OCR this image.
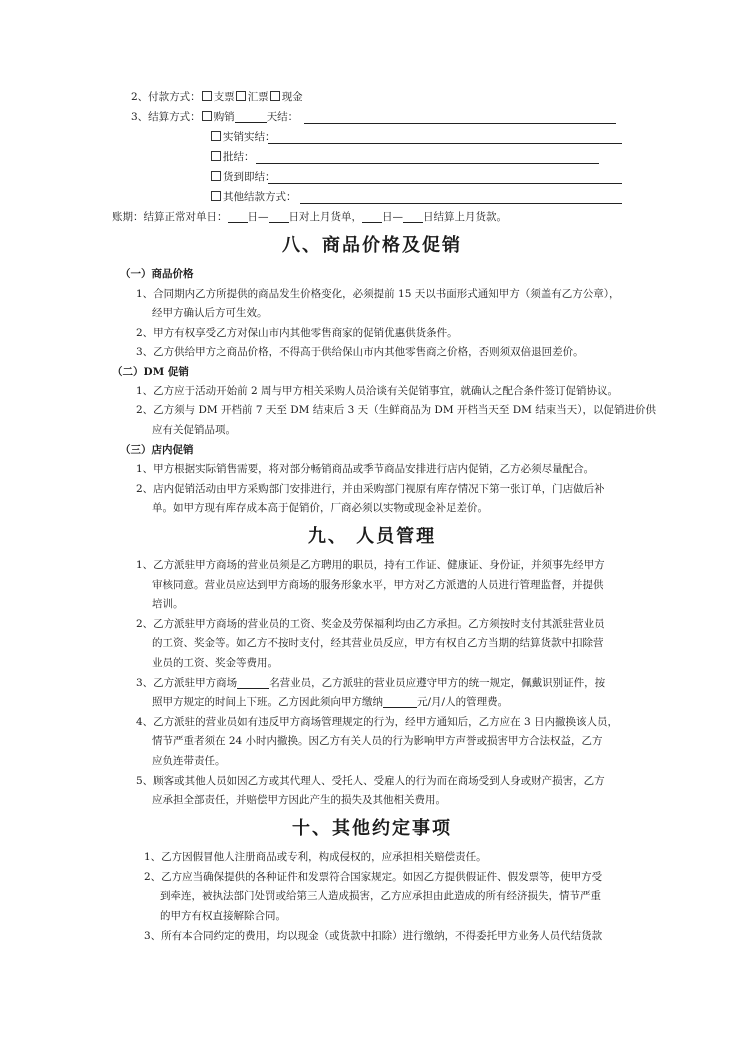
2、付款方式： 支票 汇票 现金
3、结算方式： 购销	天结：
实销实结：
批结：
货到即结：
其他结款方式：
账期：结算正常对单日： 日— 日对上月货单， 日— 日结算上月货款。
八、商品价格及促销
（一）商品价格
1、合同期内乙方所提供的商品发生价格变化，必须提前 15 天以书面形式通知甲方（须盖有乙方公章），
经甲方确认后方可生效。
2、甲方有权享受乙方对保山市内其他零售商家的促销优惠供货条件。
3、乙方供给甲方之商品价格，不得高于供给保山市内其他零售商之价格，否则须双倍退回差价。
（二）DM 促销
1、乙方应于活动开始前 2 周与甲方相关采购人员洽谈有关促销事宜，就确认之配合条件签订促销协议。
2、乙方须与 DM 开档前 7 天至 DM 结束后 3 天（生鲜商品为 DM 开档当天至 DM 结束当天），以促销进价供
应有关促销品项。
（三）店内促销
1、甲方根据实际销售需要，将对部分畅销商品或季节商品安排进行店内促销，乙方必须尽量配合。
2、店内促销活动由甲方采购部门安排进行，并由采购部门视原有库存情况下第一张订单，门店做后补
单。如甲方现有库存成本高于促销价，厂商必须以实物或现金补足差价。
九、 人员管理
1、乙方派驻甲方商场的营业员须是乙方聘用的职员，持有工作证、健康证、身份证，并须事先经甲方
审核同意。营业员应达到甲方商场的服务形象水平，甲方对乙方派遣的人员进行管理监督，并提供
培训。
2、乙方派驻甲方商场的营业员的工资、奖金及劳保福利均由乙方承担。乙方须按时支付其派驻营业员
的工资、奖金等。如乙方不按时支付，经其营业员反应，甲方有权自乙方当期的结算货款中扣除营
业员的工资、奖金等费用。
3、乙方派驻甲方商场	名营业员，乙方派驻的营业员应遵守甲方的统一规定，佩戴识别证件，按
照甲方规定的时间上下班。乙方因此须向甲方缴纳	元/月/人的管理费。
4、乙方派驻的营业员如有违反甲方商场管理规定的行为，经甲方通知后，乙方应在 3 日内撤换该人员，
情节严重者须在 24 小时内撤换。因乙方有关人员的行为影响甲方声誉或损害甲方合法权益，乙方
应负连带责任。
5、顾客或其他人员如因乙方或其代理人、受托人、受雇人的行为而在商场受到人身或财产损害，乙方
应承担全部责任，并赔偿甲方因此产生的损失及其他相关费用。
十、其他约定事项
1、乙方因假冒他人注册商品或专利，构成侵权的，应承担相关赔偿责任。
2、乙方应当确保提供的各种证件和发票符合国家规定。如因乙方提供假证件、假发票等，使甲方受
到牵连，被执法部门处罚或给第三人造成损害，乙方应承担由此造成的所有经济损失，情节严重
的甲方有权直接解除合同。
3、所有本合同约定的费用，均以现金（或货款中扣除）进行缴纳，不得委托甲方业务人员代结货款
